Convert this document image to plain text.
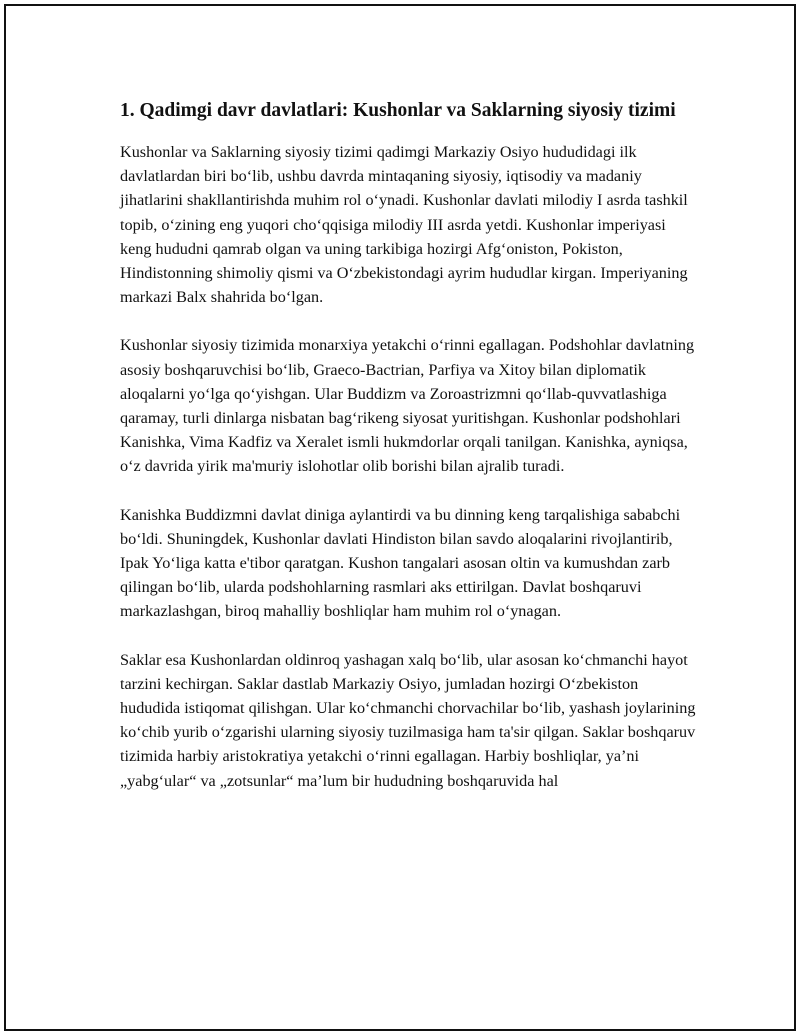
1. Qadimgi davr davlatlari: Kushonlar va Saklarning siyosiy tizimi

Kushonlar va Saklarning siyosiy tizimi qadimgi Markaziy Osiyo hududidagi ilk davlatlardan biri boʻlib, ushbu davrda mintaqaning siyosiy, iqtisodiy va madaniy jihatlarini shakllantirishda muhim rol oʻynadi. Kushonlar davlati milodiy I asrda tashkil topib, oʻzining eng yuqori choʻqqisiga milodiy III asrda yetdi. Kushonlar imperiyasi keng hududni qamrab olgan va uning tarkibiga hozirgi Afgʻoniston, Pokiston, Hindistonning shimoliy qismi va Oʻzbekistondagi ayrim hududlar kirgan. Imperiyaning markazi Balx shahrida boʻlgan.

Kushonlar siyosiy tizimida monarxiya yetakchi oʻrinni egallagan. Podshohlar davlatning asosiy boshqaruvchisi boʻlib, Graeco-Bactrian, Parfiya va Xitoy bilan diplomatik aloqalarni yoʻlga qoʻyishgan. Ular Buddizm va Zoroastrizmni qoʻllab-quvvatlashiga qaramay, turli dinlarga nisbatan bagʻrikeng siyosat yuritishgan. Kushonlar podshohlari Kanishka, Vima Kadfiz va Xeralet ismli hukmdorlar orqali tanilgan. Kanishka, ayniqsa, oʻz davrida yirik ma'muriy islohotlar olib borishi bilan ajralib turadi.

Kanishka Buddizmni davlat diniga aylantirdi va bu dinning keng tarqalishiga sababchi boʻldi. Shuningdek, Kushonlar davlati Hindiston bilan savdo aloqalarini rivojlantirib, Ipak Yoʻliga katta e'tibor qaratgan. Kushon tangalari asosan oltin va kumushdan zarb qilingan boʻlib, ularda podshohlarning rasmlari aks ettirilgan. Davlat boshqaruvi markazlashgan, biroq mahalliy boshliqlar ham muhim rol oʻynagan.

Saklar esa Kushonlardan oldinroq yashagan xalq boʻlib, ular asosan koʻchmanchi hayot tarzini kechirgan. Saklar dastlab Markaziy Osiyo, jumladan hozirgi Oʻzbekiston hududida istiqomat qilishgan. Ular koʻchmanchi chorvachilar boʻlib, yashash joylarining koʻchib yurib oʻzgarishi ularning siyosiy tuzilmasiga ham ta'sir qilgan. Saklar boshqaruv tizimida harbiy aristokratiya yetakchi oʻrinni egallagan. Harbiy boshliqlar, ya’ni „yabgʻular“ va „zotsunlar“ ma’lum bir hududning boshqaruvida hal
